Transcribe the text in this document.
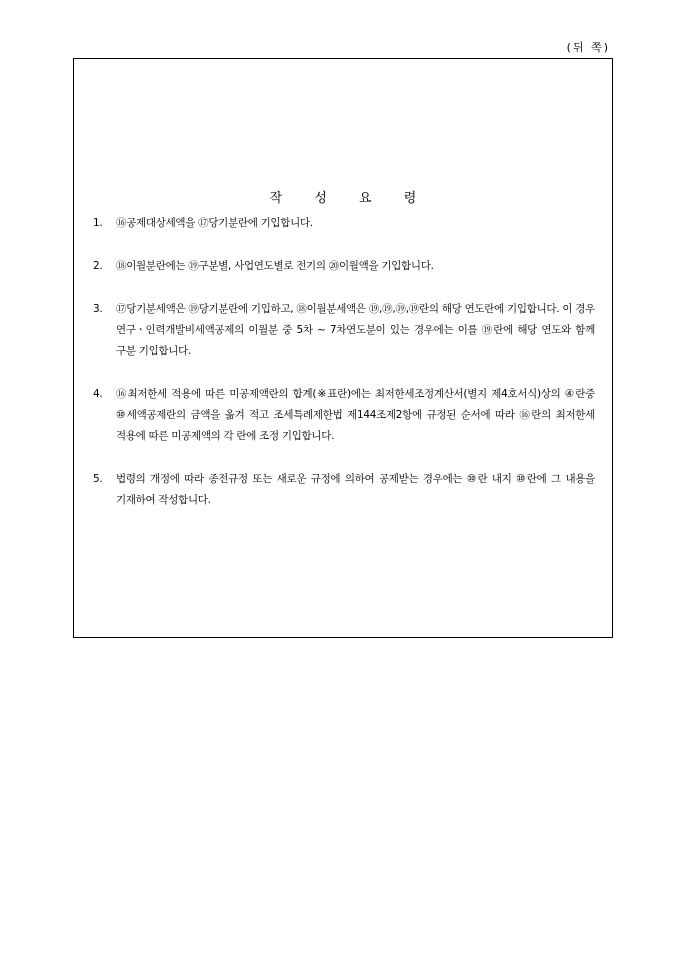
(뒤 쪽)
작 성 요 령
1. ⑯공제대상세액을 ⑰당기분란에 기입합니다.
2. ⑱이월분란에는 ⑲구분별, 사업연도별로 전기의 ⑳이월액을 기입합니다.
3. ⑰당기분세액은 ⑲당기분란에 기입하고, ⑱이월분세액은 ⑲,⑲,⑲,⑲란의 해당 연도란에 기입합니다. 이 경우 연구ㆍ인력개발비세액공제의 이월분 중 5차 ~ 7차연도분이 있는 경우에는 이를 ⑲란에 해당 연도와 함께 구분 기입합니다.
4. ⑯최저한세 적용에 따른 미공제액란의 합계(※표란)에는 최저한세조정계산서(별지 제4호서식)상의 ④란중 ⑩세액공제란의 금액을 옮겨 적고 조세특례제한법 제144조제2항에 규정된 순서에 따라 ⑯란의 최저한세 적용에 따른 미공제액의 각 란에 조정 기입합니다.
5. 법령의 개정에 따라 종전규정 또는 새로운 규정에 의하여 공제받는 경우에는 ⑩란 내지 ⑩란에 그 내용을 기재하여 작성합니다.
